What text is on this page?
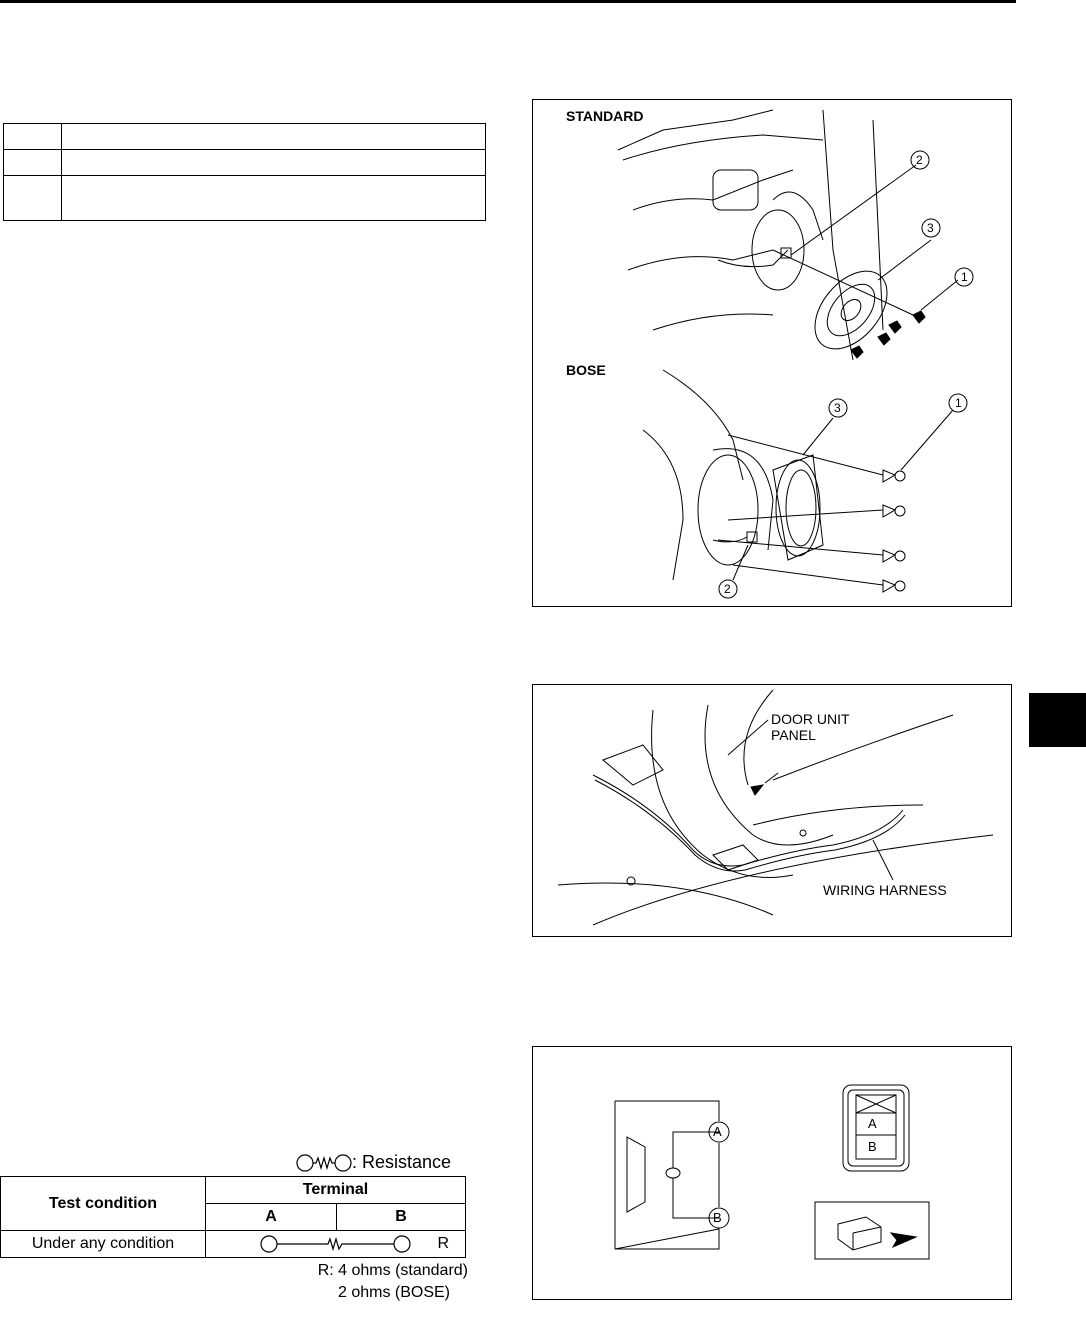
STANDARD
BOSE
2
3
1
3	1
2
DOOR UNIT
PANEL
WIRING HARNESS
A
B
A
B
: Resistance
Test condition	Terminal	
	A	B
Under any condition	R	
R: 4 ohms (standard)
2 ohms (BOSE)
